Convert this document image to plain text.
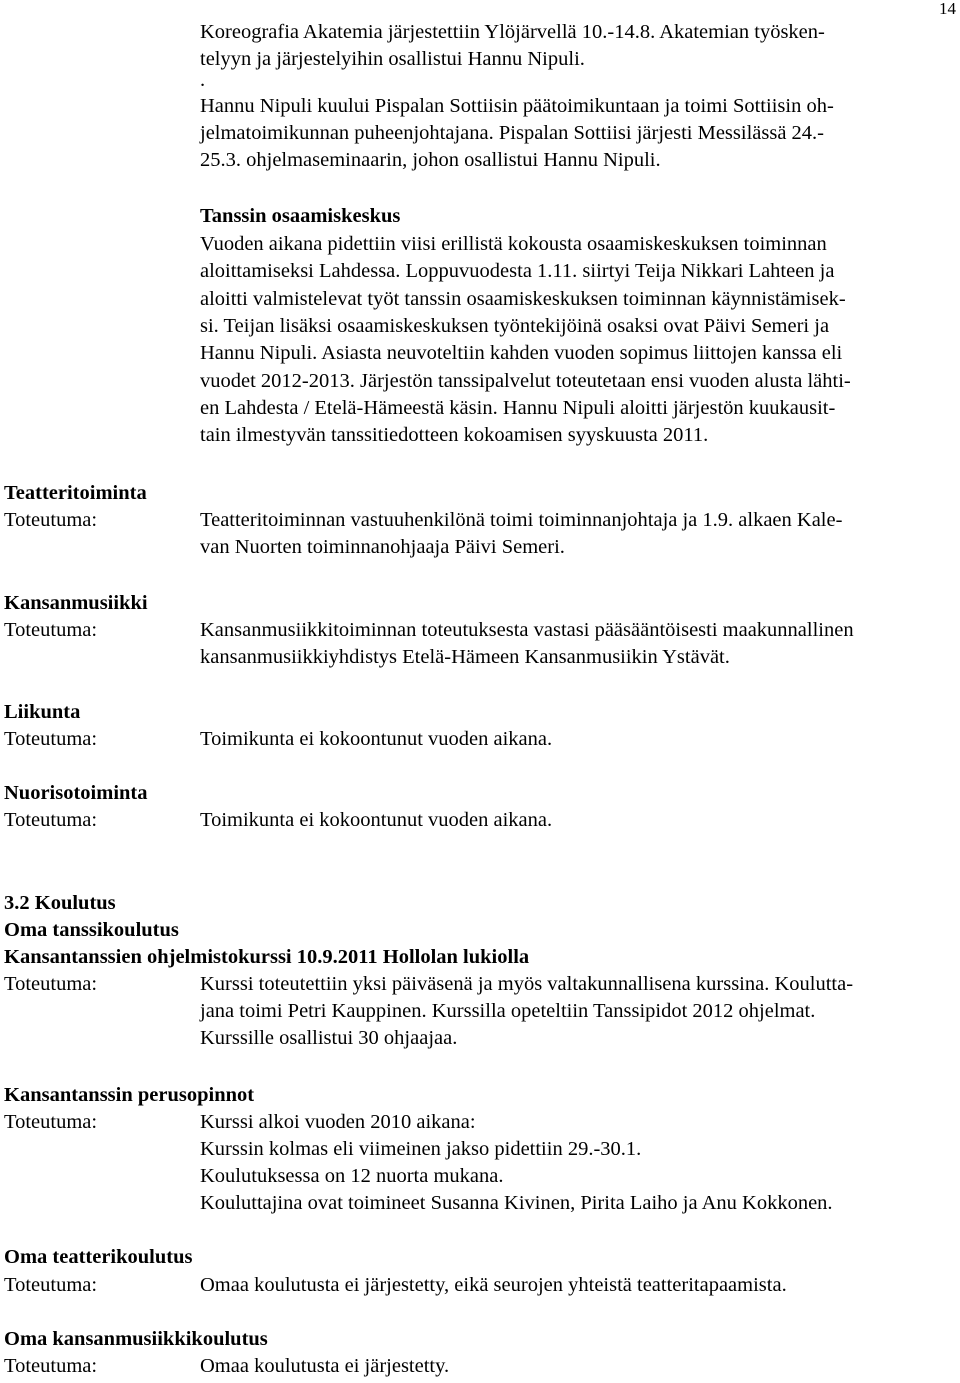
14
Koreografia Akatemia järjestettiin Ylöjärvellä 10.-14.8. Akatemian työsken-
telyyn ja järjestelyihin osallistui Hannu Nipuli.
.
Hannu Nipuli kuului Pispalan Sottiisin päätoimikuntaan ja toimi Sottiisin oh-
jelmatoimikunnan puheenjohtajana. Pispalan Sottiisi järjesti Messilässä 24.-
25.3. ohjelmaseminaarin, johon osallistui Hannu Nipuli.
Tanssin osaamiskeskus
Vuoden aikana pidettiin viisi erillistä kokousta osaamiskeskuksen toiminnan
aloittamiseksi Lahdessa. Loppuvuodesta 1.11. siirtyi Teija Nikkari Lahteen ja
aloitti valmistelevat työt tanssin osaamiskeskuksen toiminnan käynnistämisek-
si. Teijan lisäksi osaamiskeskuksen työntekijöinä osaksi ovat Päivi Semeri ja
Hannu Nipuli. Asiasta neuvoteltiin kahden vuoden sopimus liittojen kanssa eli
vuodet 2012-2013. Järjestön tanssipalvelut toteutetaan ensi vuoden alusta lähti-
en Lahdesta / Etelä-Hämeestä käsin. Hannu Nipuli aloitti järjestön kuukausit-
tain ilmestyvän tanssitiedotteen kokoamisen syyskuusta 2011.
Teatteritoiminta
Toteutuma:	Teatteritoiminnan vastuuhenkilönä toimi toiminnanjohtaja ja 1.9. alkaen Kale-
van Nuorten toiminnanohjaaja Päivi Semeri.
Kansanmusiikki
Toteutuma:	Kansanmusiikkitoiminnan toteutuksesta vastasi pääsääntöisesti maakunnallinen
kansanmusiikkiyhdistys Etelä-Hämeen Kansanmusiikin Ystävät.
Liikunta
Toteutuma:	Toimikunta ei kokoontunut vuoden aikana.
Nuorisotoiminta
Toteutuma:	Toimikunta ei kokoontunut vuoden aikana.
3.2 Koulutus
Oma tanssikoulutus
Kansantanssien ohjelmistokurssi 10.9.2011 Hollolan lukiolla
Toteutuma:	Kurssi toteutettiin yksi päiväsenä ja myös valtakunnallisena kurssina. Kouluttа-
jana toimi Petri Kauppinen. Kurssilla opeteltiin Tanssipidot 2012 ohjelmat.
Kurssille osallistui 30 ohjaajaa.
Kansantanssin perusopinnot
Toteutuma:	Kurssi alkoi vuoden 2010 aikana:
Kurssin kolmas eli viimeinen jakso pidettiin 29.-30.1.
Koulutuksessa on 12 nuorta mukana.
Kouluttajina ovat toimineet Susanna Kivinen, Pirita Laiho ja Anu Kokkonen.
Oma teatterikoulutus
Toteutuma:	Omaa koulutusta ei järjestetty, eikä seurojen yhteistä teatteritapaamista.
Oma kansanmusiikkikoulutus
Toteutuma:	Omaa koulutusta ei järjestetty.
